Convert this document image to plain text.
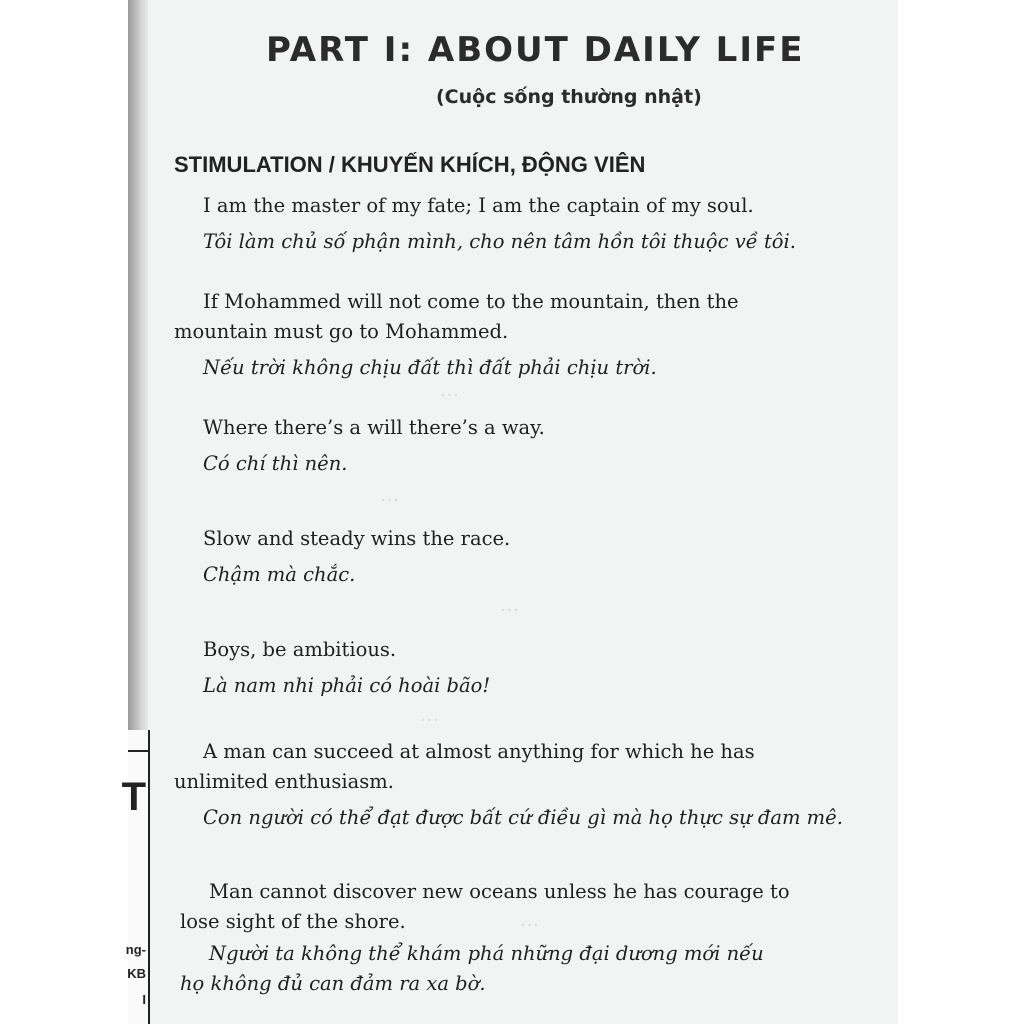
…
…
…
…
…
T
ng-
KB
I
PART I: ABOUT DAILY LIFE
(Cuộc sống thường nhật)
STIMULATION / KHUYẾN KHÍCH, ĐỘNG VIÊN
I am the master of my fate; I am the captain of my soul.
Tôi làm chủ số phận mình, cho nên tâm hồn tôi thuộc về tôi.
If Mohammed will not come to the mountain, then the
mountain must go to Mohammed.
Nếu trời không chịu đất thì đất phải chịu trời.
Where there’s a will there’s a way.
Có chí thì nên.
Slow and steady wins the race.
Chậm mà chắc.
Boys, be ambitious.
Là nam nhi phải có hoài bão!
A man can succeed at almost anything for which he has
unlimited enthusiasm.
Con người có thể đạt được bất cứ điều gì mà họ thực sự đam mê.
Man cannot discover new oceans unless he has courage to
lose sight of the shore.
Người ta không thể khám phá những đại dương mới nếu
họ không đủ can đảm ra xa bờ.
